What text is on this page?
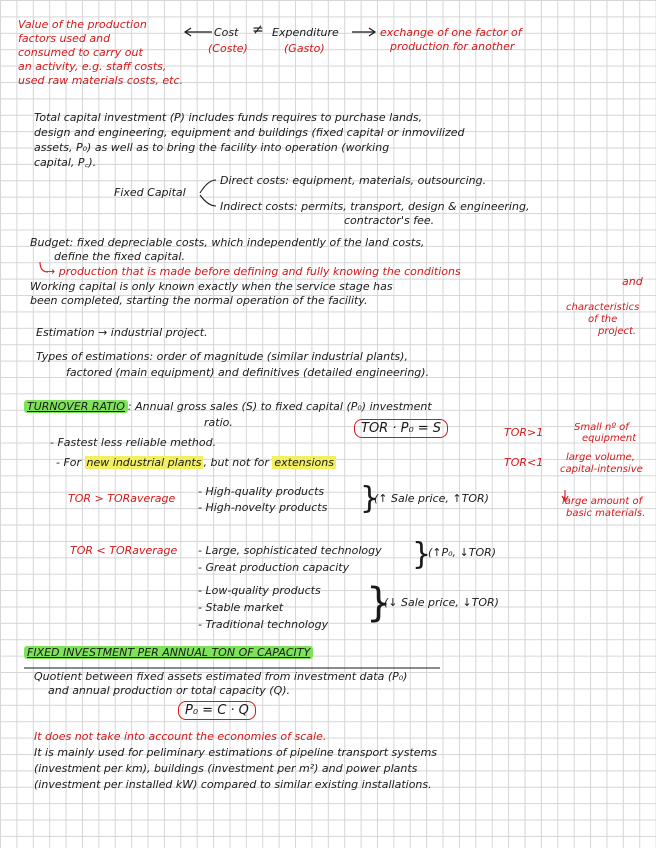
Value of the production
factors used and
consumed to carry out
an activity, e.g. staff costs,
used raw materials costs, etc.
Cost ≠ Expenditure
(Coste)	(Gasto)
exchange of one factor of
production for another
Total capital investment (P) includes funds requires to purchase lands,
design and engineering, equipment and buildings (fixed capital or inmovilized
assets, P₀) as well as to bring the facility into operation (working
capital, P꜀).
Fixed Capital
Direct costs: equipment, materials, outsourcing.
Indirect costs: permits, transport, design & engineering,
contractor's fee.
Budget: fixed depreciable costs, which independently of the land costs,
define the fixed capital.
→ production that is made before defining and fully knowing the conditions
and
Working capital is only known exactly when the service stage has
been completed, starting the normal operation of the facility.
characteristics
of the
project.
Estimation → industrial project.
Types of estimations: order of magnitude (similar industrial plants),
factored (main equipment) and definitives (detailed engineering).
TURNOVER RATIO : Annual gross sales (S) to fixed capital (P₀) investment
ratio.	TOR · P₀ = S	TOR>1	Small nº of
equipment
- Fastest less reliable method.
- For new industrial plants , but not for extensions	TOR<1	large volume,
capital-intensive
large amount of
basic materials.
TOR > TORaverage
- High-quality products
- High-novelty products }
(↑ Sale price, ↑TOR)
TOR < TORaverage - Large, sophisticated technology
- Great production capacity	}
(↑P₀, ↓TOR)
- Low-quality products
- Stable market
- Traditional technology }
(↓ Sale price, ↓TOR)
FIXED INVESTMENT PER ANNUAL TON OF CAPACITY
Quotient between fixed assets estimated from investment data (P₀)
and annual production or total capacity (Q).
P₀ = C · Q
It does not take into account the economies of scale.
It is mainly used for peliminary estimations of pipeline transport systems
(investment per km), buildings (investment per m²) and power plants
(investment per installed kW) compared to similar existing installations.
